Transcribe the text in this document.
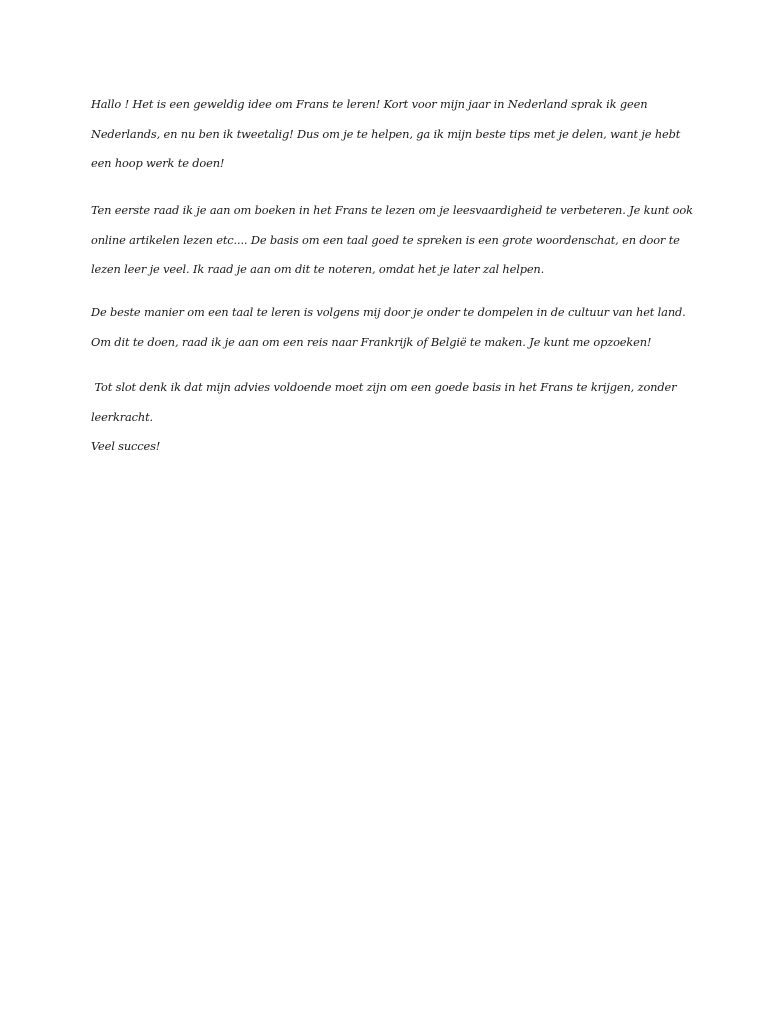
Hallo ! Het is een geweldig idee om Frans te leren! Kort voor mijn jaar in Nederland sprak ik geen
Nederlands, en nu ben ik tweetalig! Dus om je te helpen, ga ik mijn beste tips met je delen, want je hebt
een hoop werk te doen!
Ten eerste raad ik je aan om boeken in het Frans te lezen om je leesvaardigheid te verbeteren. Je kunt ook
online artikelen lezen etc.... De basis om een taal goed te spreken is een grote woordenschat, en door te
lezen leer je veel. Ik raad je aan om dit te noteren, omdat het je later zal helpen.
De beste manier om een taal te leren is volgens mij door je onder te dompelen in de cultuur van het land.
Om dit te doen, raad ik je aan om een reis naar Frankrijk of België te maken. Je kunt me opzoeken!
Tot slot denk ik dat mijn advies voldoende moet zijn om een goede basis in het Frans te krijgen, zonder
leerkracht.
Veel succes!
